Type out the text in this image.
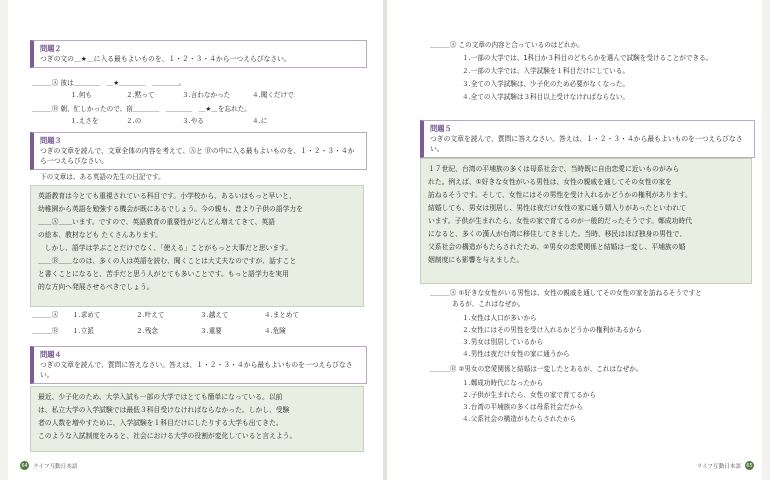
問題２
つぎの文の＿★＿に入る最もよいものを、１・２・３・４から一つえらびなさい。
＿＿＿Ⓐ 彼は＿＿＿＿　＿★＿＿＿＿　＿＿＿＿。
１.何も	２.黙って	３.言わなかった	４.聞くだけで
＿＿＿Ⓑ 朝、忙しかったので、宿＿＿＿＿　＿＿＿＿　＿★＿を忘れた。
１.えさを	２.の	３.やる	４.に
問題３
つぎの文章を読んで、文章全体の内容を考えて、Ⓐと Ⓑの中に入る最もよいものを、１・２・３・４から一つえらびなさい。
下の文章は、ある英語の先生の日記です。
英語教育は今とても重視されている科目です。小学校から、あるいはもっと早いと、
幼稚園から英語を勉強する機会が既にあるでしょう。今の親も、昔より子供の語学力を
＿＿Ⓐ＿＿います。ですので、英語教育の重要性がどんどん増えてきて、英語
の絵本、教材なども たくさんあります。
　しかし、語学は学ぶことだけでなく、「使える」ことがもっと大事だと思います。
＿＿Ⓑ＿＿なのは、多くの人は英語を読む、聞くことは大丈夫なのですが、話すこと
と書くことになると、苦手だと思う人がとても多いことです。もっと語学力を実用
的な方向へ発展させるべきでしょう。
＿＿＿Ⓐ １.求めて	２.叶えて	３.越えて	４.まとめて
＿＿＿Ⓑ １.立派	２.残念	３.重要	４.危険
問題４
つぎの文章を読んで、質問に答えなさい。答えは、１・２・３・４から最もよいものを一つえらびなさい。
最近、少子化のため、大学入試も一部の大学ではとても簡単になっている。以前
は、私立大学の入学試験では最低３科目受けなければならなかった。しかし、受験
者の人数を増やすために、入学試験を１科目だけにしたりする大学も出てきた。
このような入試制度をみると、社会における大学の役割が変化していると言えよう。
64 ライフ互動日本語
＿＿＿Ⓐ この文章の内容と合っているのはどれか。
１.一部の大学では、1科目か３科目のどちらかを選んで試験を受けることができる。
２.一部の大学では、入学試験を１科目だけにしている。
３.全ての入学試験は、少子化のため必要がなくなった。
４.全ての入学試験は３科目以上受けなければならない。
問題５
つぎの文章を読んで、質問に答えなさい。答えは、１・２・３・４から最もよいものを一つえらびなさい。
１７世紀、台湾の平埔族の多くは母系社会で、当時既に自由恋愛に近いものがみら
れた。例えば、①好きな女性がいる男性は、女性の親戚を通してその女性の家を
訪ねるそうです。そして、女性にはその男性を受け入れるかどうかの権利があります。
結婚しても、男女は別居し、男性は夜だけ女性の家に通う婿入りがあったといわれて
います。子供が生まれたら、女性の家で育てるのが一般的だったそうです。鄭成功時代
になると、多くの漢人が台湾に移住してきました。当時、移民はほぼ独身の男性で、
父系社会の構造がもたらされたため、②男女の恋愛関係と結婚は一変し、平埔族の婚
姻制度にも影響を与えました。
＿＿＿Ⓐ ①好きな女性がいる男性は、女性の親戚を通してその女性の家を訪ねるそうですと
あるが、これはなぜか。
１.女性は人口が多いから
２.女性にはその男性を受け入れるかどうかの権利があるから
３.男女は別居しているから
４.男性は夜だけ女性の家に通うから
＿＿＿Ⓑ ②男女の恋愛関係と結婚は一変したとあるが、これはなぜか。
１.鄭成功時代になったから
２.子供が生まれたら、女性の家で育てるから
３.台湾の平埔族の多くは母系社会だから
４.父系社会の構造がもたらされたから
ライフ互動日本語 65
